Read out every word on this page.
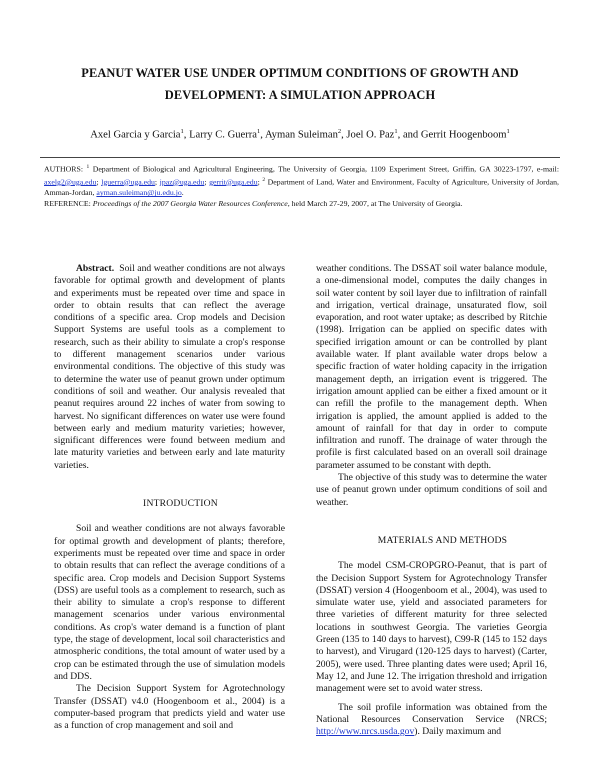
PEANUT WATER USE UNDER OPTIMUM CONDITIONS OF GROWTH AND
DEVELOPMENT: A SIMULATION APPROACH
Axel Garcia y Garcia$^1$, Larry C. Guerra$^1$, Ayman Suleiman$^2$, Joel O. Paz$^1$, and Gerrit Hoogenboom$^1$
AUTHORS: $^1$ Department of Biological and Agricultural Engineering, The University of Georgia, 1109 Experiment Street, Griffin, GA 30223-1797, e-mail: axelg2@uga.edu; lguerra@uga.edu; jpaz@uga.edu; gerrit@uga.edu; $^2$ Department of Land, Water and Environment, Faculty of Agriculture, University of Jordan, Amman-Jordan, ayman.suleiman@ju.edu.jo.
REFERENCE: Proceedings of the 2007 Georgia Water Resources Conference, held March 27-29, 2007, at The University of Georgia.

Abstract. Soil and weather conditions are not always favorable for optimal growth and development of plants and experiments must be repeated over time and space in order to obtain results that can reflect the average conditions of a specific area. Crop models and Decision Support Systems are useful tools as a complement to research, such as their ability to simulate a crop's response to different management scenarios under various environmental conditions. The objective of this study was to determine the water use of peanut grown under optimum conditions of soil and weather. Our analysis revealed that peanut requires around 22 inches of water from sowing to harvest. No significant differences on water use were found between early and medium maturity varieties; however, significant differences were found between medium and late maturity varieties and between early and late maturity varieties.

INTRODUCTION

Soil and weather conditions are not always favorable for optimal growth and development of plants; therefore, experiments must be repeated over time and space in order to obtain results that can reflect the average conditions of a specific area. Crop models and Decision Support Systems (DSS) are useful tools as a complement to research, such as their ability to simulate a crop's response to different management scenarios under various environmental conditions. As crop's water demand is a function of plant type, the stage of development, local soil characteristics and atmospheric conditions, the total amount of water used by a crop can be estimated through the use of simulation models and DDS.

The Decision Support System for Agrotechnology Transfer (DSSAT) v4.0 (Hoogenboom et al., 2004) is a computer-based program that predicts yield and water use as a function of crop management and soil and

weather conditions. The DSSAT soil water balance module, a one-dimensional model, computes the daily changes in soil water content by soil layer due to infiltration of rainfall and irrigation, vertical drainage, unsaturated flow, soil evaporation, and root water uptake; as described by Ritchie (1998). Irrigation can be applied on specific dates with specified irrigation amount or can be controlled by plant available water. If plant available water drops below a specific fraction of water holding capacity in the irrigation management depth, an irrigation event is triggered. The irrigation amount applied can be either a fixed amount or it can refill the profile to the management depth. When irrigation is applied, the amount applied is added to the amount of rainfall for that day in order to compute infiltration and runoff. The drainage of water through the profile is first calculated based on an overall soil drainage parameter assumed to be constant with depth.

The objective of this study was to determine the water use of peanut grown under optimum conditions of soil and weather.

MATERIALS AND METHODS

The model CSM-CROPGRO-Peanut, that is part of the Decision Support System for Agrotechnology Transfer (DSSAT) version 4 (Hoogenboom et al., 2004), was used to simulate water use, yield and associated parameters for three varieties of different maturity for three selected locations in southwest Georgia. The varieties Georgia Green (135 to 140 days to harvest), C99-R (145 to 152 days to harvest), and Virugard (120-125 days to harvest) (Carter, 2005), were used. Three planting dates were used; April 16, May 12, and June 12. The irrigation threshold and irrigation management were set to avoid water stress.

The soil profile information was obtained from the National Resources Conservation Service (NRCS; http://www.nrcs.usda.gov). Daily maximum and
